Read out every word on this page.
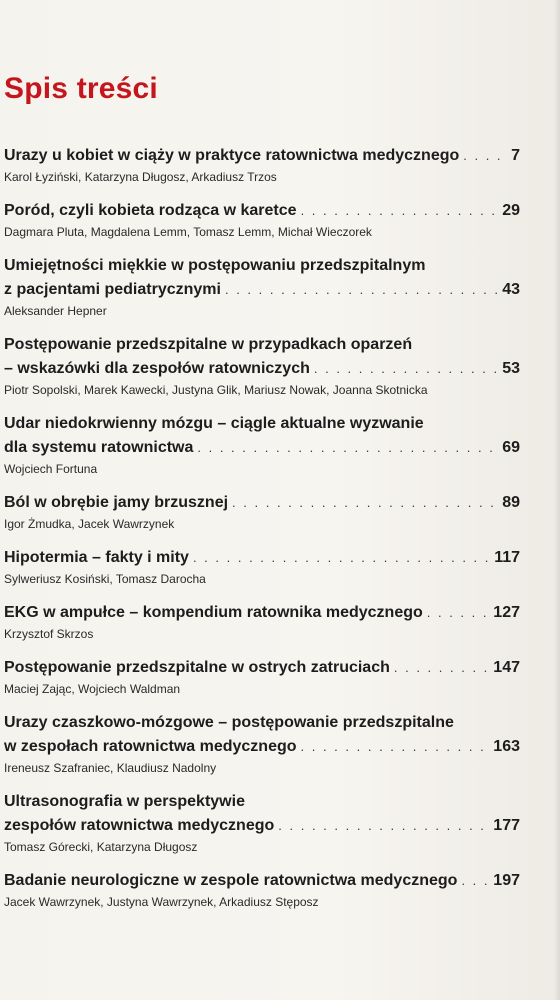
Spis treści
Urazy u kobiet w ciąży w praktyce ratownictwa medycznego . . .	7
Karol Łyziński, Katarzyna Długosz, Arkadiusz Trzos
Poród, czyli kobieta rodząca w karetce . . .	29
Dagmara Pluta, Magdalena Lemm, Tomasz Lemm, Michał Wieczorek
Umiejętności miękkie w postępowaniu przedszpitalnym
z pacjentami pediatrycznymi . . .	43
Aleksander Hepner
Postępowanie przedszpitalne w przypadkach oparzeń
– wskazówki dla zespołów ratowniczych . . .	53
Piotr Sopolski, Marek Kawecki, Justyna Glik, Mariusz Nowak, Joanna Skotnicka
Udar niedokrwienny mózgu – ciągle aktualne wyzwanie
dla systemu ratownictwa . . .	69
Wojciech Fortuna
Ból w obrębie jamy brzusznej . . .	89
Igor Żmudka, Jacek Wawrzynek
Hipotermia – fakty i mity . . .	117
Sylweriusz Kosiński, Tomasz Darocha
EKG w ampułce – kompendium ratownika medycznego . . .	127
Krzysztof Skrzos
Postępowanie przedszpitalne w ostrych zatruciach . . .	147
Maciej Zając, Wojciech Waldman
Urazy czaszkowo-mózgowe – postępowanie przedszpitalne
w zespołach ratownictwa medycznego . . .	163
Ireneusz Szafraniec, Klaudiusz Nadolny
Ultrasonografia w perspektywie
zespołów ratownictwa medycznego . . .	177
Tomasz Górecki, Katarzyna Długosz
Badanie neurologiczne w zespole ratownictwa medycznego . . . 197
Jacek Wawrzynek, Justyna Wawrzynek, Arkadiusz Stęposz
